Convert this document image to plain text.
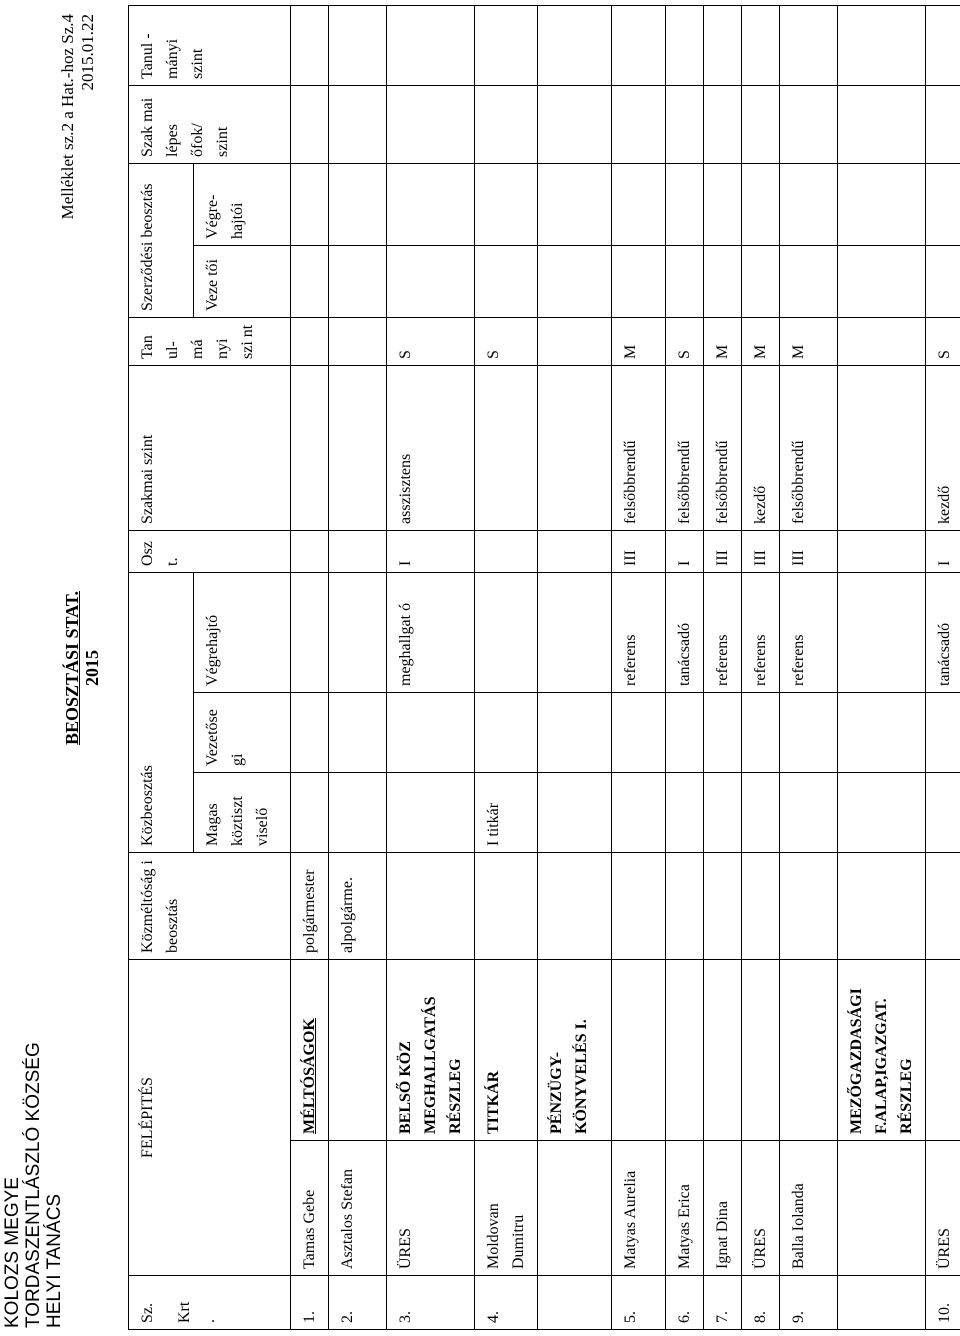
KOLOZS MEGYE TORDASZENTLÁSZLÓ KÖZSÉG HELYI TANÁCS
BEOSZTÁSI STAT. 2015
Melléklet sz.2 a Hat.-hoz Sz.4 2015.01.22
Sz. Krt .	FELÉPITÉS		Közméltóság i beosztás	Közbeosztás			Oszt.	Szakmai szint	Tan ul- má nyi szi nt	Szerződési beosztás		Szak mai lépes őfok/ szint	Tanul - mányi szint
				Magas köztiszt viselő	Vezetőse gi	Végrehajtó				Veze tői	Végre- hajtói		
1.	Tamas Gebe	MÉLTÓSÁGOK	polgármester										
2.	Asztalos Stefan		alpolgárme.										
3.	ÜRES	BELSŐ KÖZ MEGHALLGATÁS RÉSZLEG				meghallgat ó	I	asszisztens	S				
4.	Moldovan Dumitru	TITKÁR		I titkár					S				
		PÉNZÜGY- KÖNYVELÉS I.											
5.	Matyas Aurelia					referens	III	felsőbbrendű	M				
6.	Matyas Erica					tanácsadó	I	felsőbbrendű	S				
7.	Ignat Dina					referens	III	felsőbbrendű	M				
8.	ÜRES					referens	III	kezdő	M				
9.	Balla Iolanda					referens	III	felsőbbrendű	M				
		MEZŐGAZDASÁGI F.ALAP,IGAZGAT. RÉSZLEG											
10.	ÜRES					tanácsadó	I	kezdő	S				
